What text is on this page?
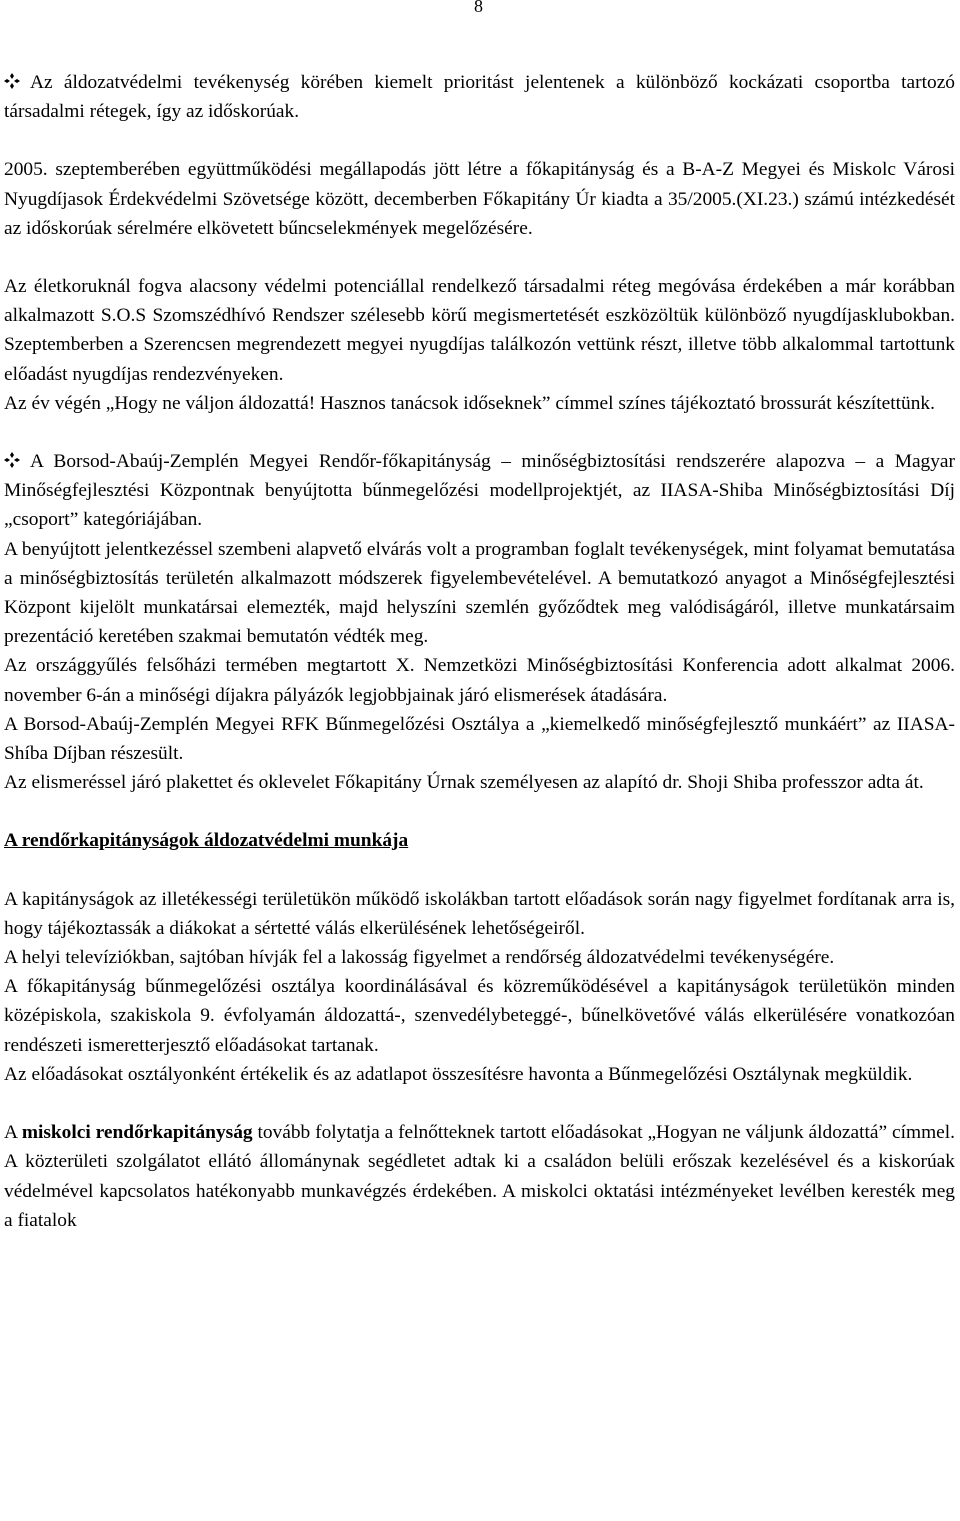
8

Az áldozatvédelmi tevékenység körében kiemelt prioritást jelentenek a különböző kockázati csoportba tartozó társadalmi rétegek, így az időskorúak.

2005. szeptemberében együttműködési megállapodás jött létre a főkapitányság és a B-A-Z Megyei és Miskolc Városi Nyugdíjasok Érdekvédelmi Szövetsége között, decemberben Főkapitány Úr kiadta a 35/2005.(XI.23.) számú intézkedését az időskorúak sérelmére elkövetett bűncselekmények megelőzésére.

Az életkoruknál fogva alacsony védelmi potenciállal rendelkező társadalmi réteg megóvása érdekében a már korábban alkalmazott S.O.S Szomszédhívó Rendszer szélesebb körű megismertetését eszközöltük különböző nyugdíjasklubokban. Szeptemberben a Szerencsen megrendezett megyei nyugdíjas találkozón vettünk részt, illetve több alkalommal tartottunk előadást nyugdíjas rendezvényeken.

Az év végén „Hogy ne váljon áldozattá! Hasznos tanácsok időseknek” címmel színes tájékoztató brossurát készítettünk.

A Borsod-Abaúj-Zemplén Megyei Rendőr-főkapitányság – minőségbiztosítási rendszerére alapozva – a Magyar Minőségfejlesztési Központnak benyújtotta bűnmegelőzési modellprojektjét, az IIASA-Shiba Minőségbiztosítási Díj „csoport” kategóriájában.

A benyújtott jelentkezéssel szembeni alapvető elvárás volt a programban foglalt tevékenységek, mint folyamat bemutatása a minőségbiztosítás területén alkalmazott módszerek figyelembevételével. A bemutatkozó anyagot a Minőségfejlesztési Központ kijelölt munkatársai elemezték, majd helyszíni szemlén győződtek meg valódiságáról, illetve munkatársaim prezentáció keretében szakmai bemutatón védték meg.

Az országgyűlés felsőházi termében megtartott X. Nemzetközi Minőségbiztosítási Konferencia adott alkalmat 2006. november 6-án a minőségi díjakra pályázók legjobbjainak járó elismerések átadására.

A Borsod-Abaúj-Zemplén Megyei RFK Bűnmegelőzési Osztálya a „kiemelkedő minőségfejlesztő munkáért” az IIASA-Shíba Díjban részesült.

Az elismeréssel járó plakettet és oklevelet Főkapitány Úrnak személyesen az alapító dr. Shoji Shiba professzor adta át.

A rendőrkapitányságok áldozatvédelmi munkája

A kapitányságok az illetékességi területükön működő iskolákban tartott előadások során nagy figyelmet fordítanak arra is, hogy tájékoztassák a diákokat a sértetté válás elkerülésének lehetőségeiről.

A helyi televíziókban, sajtóban hívják fel a lakosság figyelmet a rendőrség áldozatvédelmi tevékenységére.

A főkapitányság bűnmegelőzési osztálya koordinálásával és közreműködésével a kapitányságok területükön minden középiskola, szakiskola 9. évfolyamán áldozattá-, szenvedélybeteggé-, bűnelkövetővé válás elkerülésére vonatkozóan rendészeti ismeretterjesztő előadásokat tartanak.

Az előadásokat osztályonként értékelik és az adatlapot összesítésre havonta a Bűnmegelőzési Osztálynak megküldik.

A miskolci rendőrkapitányság tovább folytatja a felnőtteknek tartott előadásokat „Hogyan ne váljunk áldozattá” címmel. A közterületi szolgálatot ellátó állománynak segédletet adtak ki a családon belüli erőszak kezelésével és a kiskorúak védelmével kapcsolatos hatékonyabb munkavégzés érdekében. A miskolci oktatási intézményeket levélben keresték meg a fiatalok
